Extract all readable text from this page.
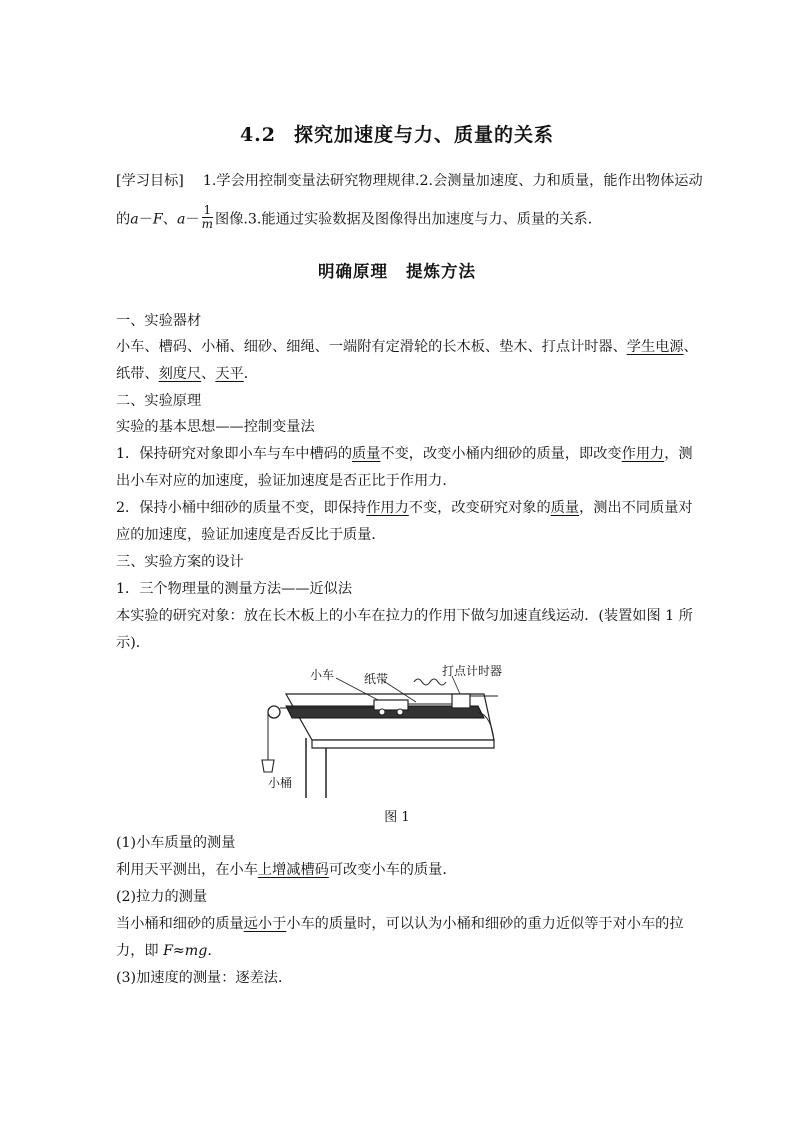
4.2 探究加速度与力、质量的关系
[学习目标] 1.学会用控制变量法研究物理规律.2.会测量加速度、力和质量，能作出物体运动
的a－F、$a- \frac{1}{m}$ 图像.3.能通过实验数据及图像得出加速度与力、质量的关系．
明确原理 提炼方法
一、实验器材
小车、槽码、小桶、细砂、细绳、一端附有定滑轮的长木板、垫木、打点计时器、学生电源、
纸带、刻度尺、天平．
二、实验原理
实验的基本思想——控制变量法
1．保持研究对象即小车与车中槽码的质量不变，改变小桶内细砂的质量，即改变作用力，测
出小车对应的加速度，验证加速度是否正比于作用力．
2．保持小桶中细砂的质量不变，即保持作用力不变，改变研究对象的质量，测出不同质量对
应的加速度，验证加速度是否反比于质量．
三、实验方案的设计
1．三个物理量的测量方法——近似法
本实验的研究对象：放在长木板上的小车在拉力的作用下做匀加速直线运动．(装置如图 1 所
示)．
小车 纸带
打点计时器
小桶
图 1
(1)小车质量的测量
利用天平测出，在小车上增减槽码可改变小车的质量．
(2)拉力的测量
当小桶和细砂的质量远小于小车的质量时，可以认为小桶和细砂的重力近似等于对小车的拉
力，即 F≈mg.
(3)加速度的测量：逐差法．
